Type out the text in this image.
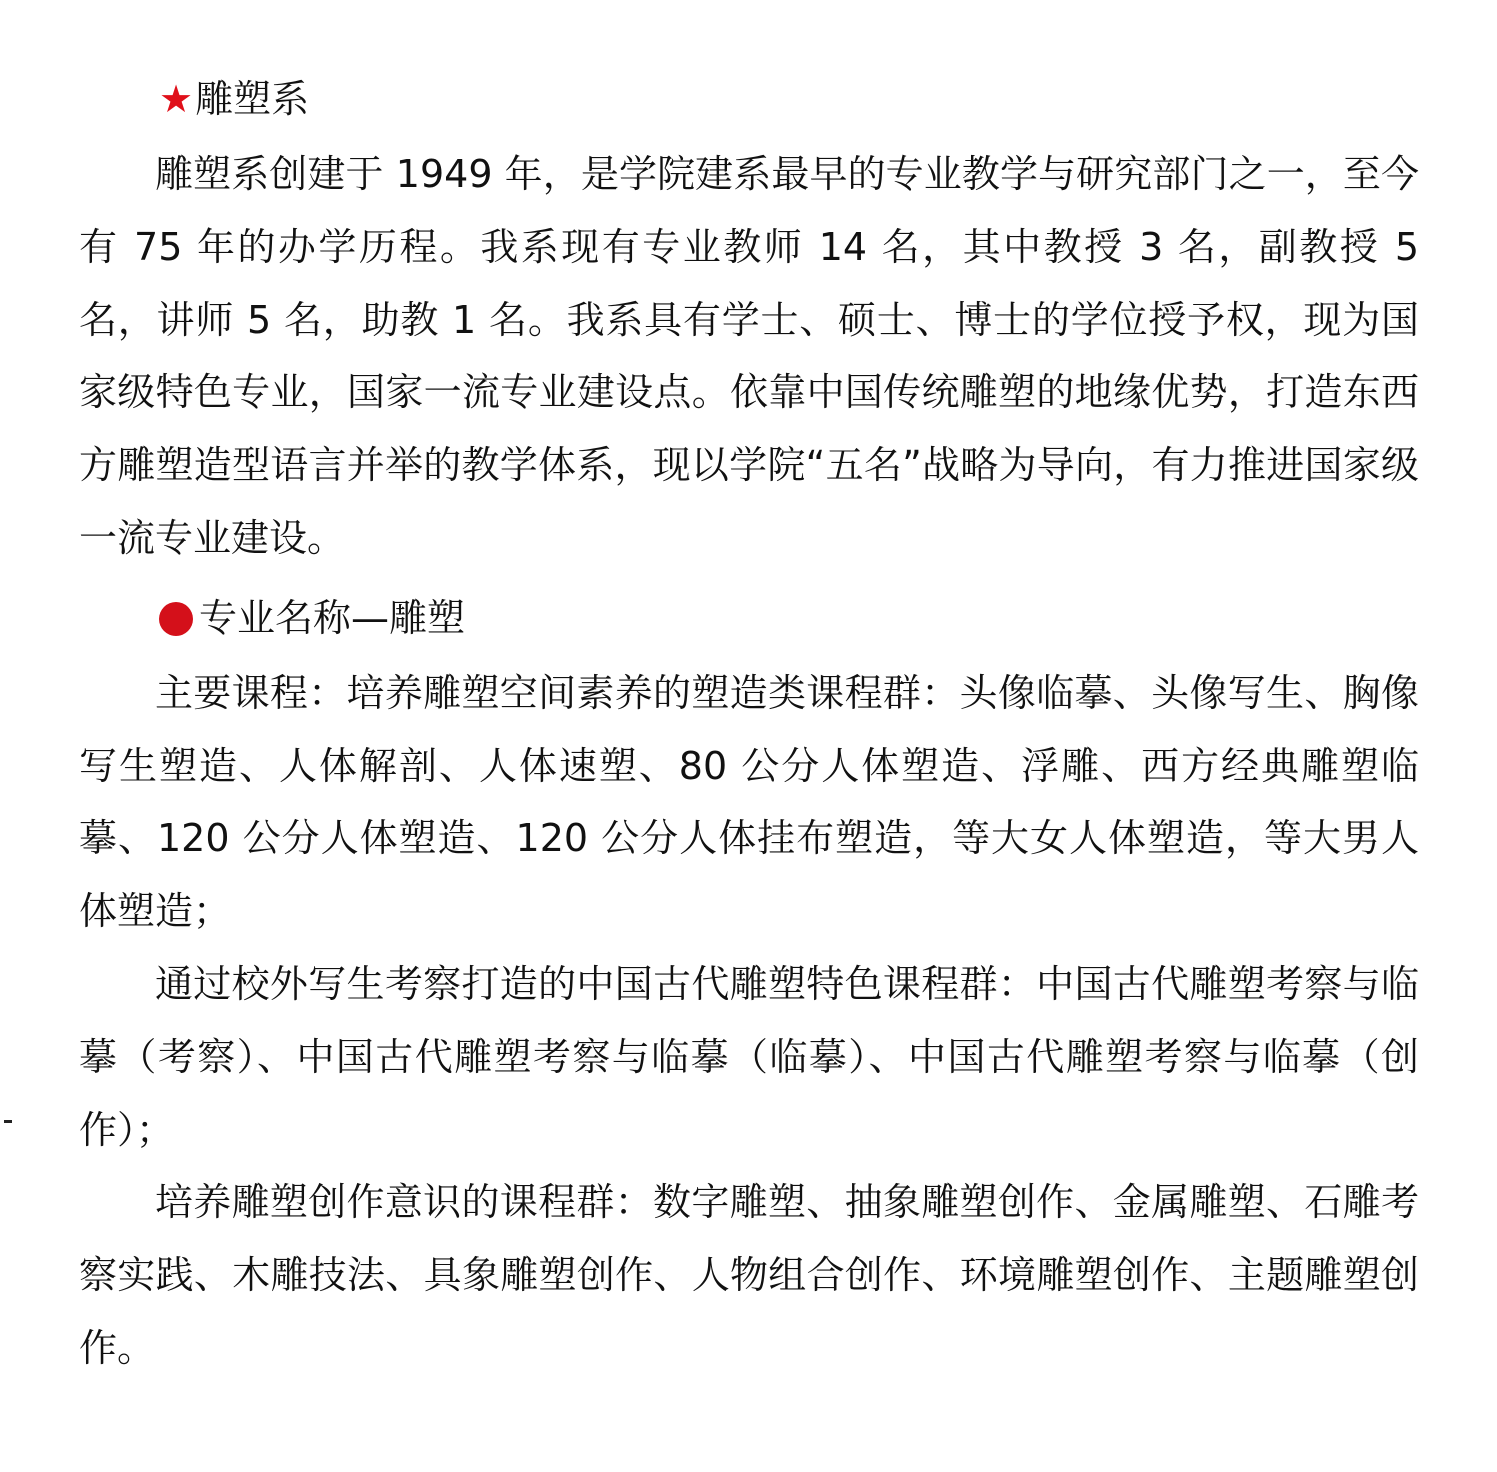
★雕塑系

雕塑系创建于 1949 年，是学院建系最早的专业教学与研究部门之一，至今有 75 年的办学历程。我系现有专业教师 14 名，其中教授 3 名，副教授 5 名，讲师 5 名，助教 1 名。我系具有学士、硕士、博士的学位授予权，现为国家级特色专业，国家一流专业建设点。依靠中国传统雕塑的地缘优势，打造东西方雕塑造型语言并举的教学体系，现以学院“五名”战略为导向，有力推进国家级一流专业建设。

专业名称—雕塑

主要课程：培养雕塑空间素养的塑造类课程群：头像临摹、头像写生、胸像写生塑造、人体解剖、人体速塑、80 公分人体塑造、浮雕、西方经典雕塑临摹、120 公分人体塑造、120 公分人体挂布塑造，等大女人体塑造，等大男人体塑造；

通过校外写生考察打造的中国古代雕塑特色课程群：中国古代雕塑考察与临摹（考察）、中国古代雕塑考察与临摹（临摹）、中国古代雕塑考察与临摹（创作）；

培养雕塑创作意识的课程群：数字雕塑、抽象雕塑创作、金属雕塑、石雕考察实践、木雕技法、具象雕塑创作、人物组合创作、环境雕塑创作、主题雕塑创作。
